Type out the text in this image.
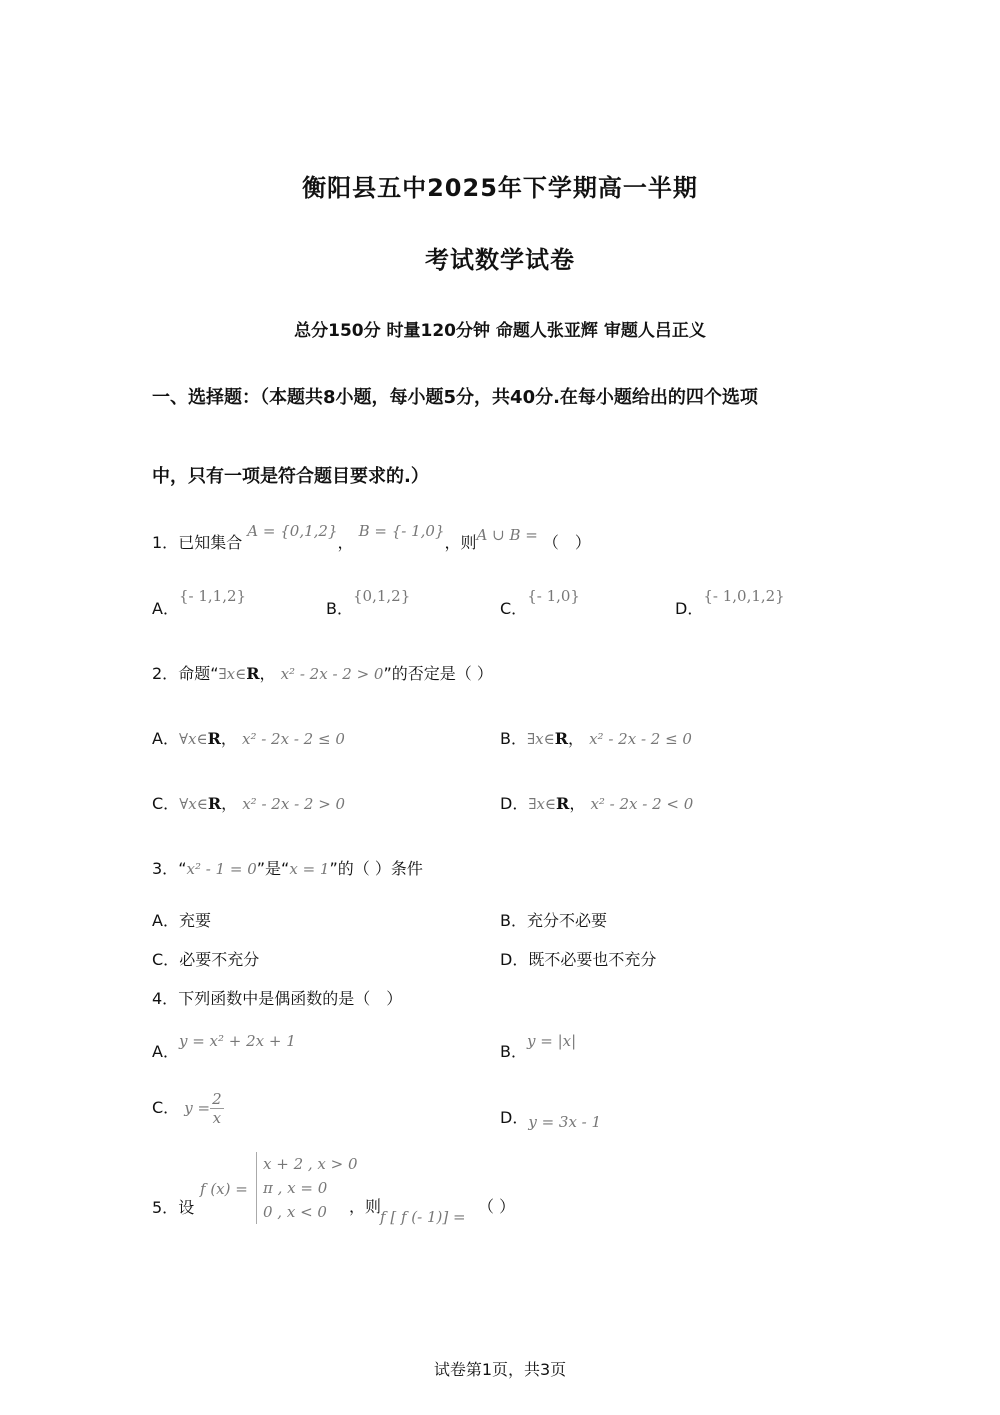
衡阳县五中2025年下学期高一半期
考试数学试卷
总分150分 时量120分钟 命题人张亚辉 审题人吕正义
一、选择题：（本题共8小题，每小题5分，共40分.在每小题给出的四个选项
中，只有一项是符合题目要求的.）
1．已知集合 A = {0,1,2}， B = {- 1,0}，则A ∪ B = （　）
A．{- 1,1,2}
B．{0,1,2}
C．{- 1,0}
D．{- 1,0,1,2}
2．命题“∃x∈R， x² - 2x - 2 > 0”的否定是（ ）
A．∀x∈R， x² - 2x - 2 ≤ 0	B．∃x∈R， x² - 2x - 2 ≤ 0
C．∀x∈R， x² - 2x - 2 > 0	D．∃x∈R， x² - 2x - 2 < 0
3．“x² - 1 = 0”是“x = 1”的（ ）条件
A．充要	B．充分不必要
C．必要不充分	D．既不必要也不充分
4．下列函数中是偶函数的是（　）
A．y = x² + 2x + 1
B．y = |x|
C． $y = \frac{2}{x}$	D．y = 3x - 1
5．设
f (x) =
x + 2 , x > 0
π , x = 0
0 , x < 0	，则
f [ f (- 1)] =
（ ）
试卷第1页，共3页
